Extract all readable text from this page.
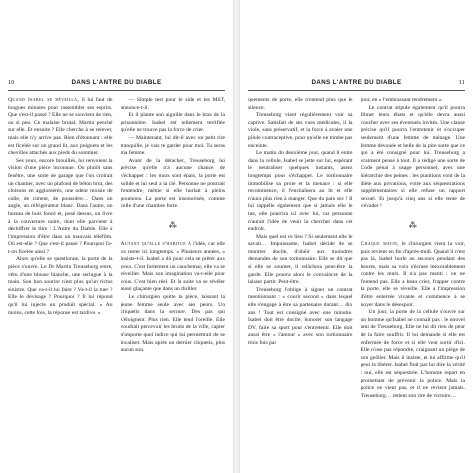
10	DANS L'ANTRE DU DIABLE

Quand Isabel se réveilla, il lui faut de longues minutes pour rassembler ses esprits. Que s'est-il passé ? Elle ne se souvient de rien, ou si peu. Ce malaise brutal, Martin penché sur elle. Et ensuite ? Elle cherche à se relever, mais elle n'y arrive pas. Rien d'étonnant : elle est ficelée sur un grand lit, aux poignets et les chevilles attachés aux pieds du sommier.

Ses yeux, encore brouillés, lui renvoient la vision d'une pièce inconnue. Ou plutôt sans fenêtre, une sorte de garage que l'on croirait un chantier, avec un plafond de béton brut, des cloisons en agglomérés, une odeur moisie de colle, de ciment, de poussière… Dans un angle, un réfrigérateur blanc. Dans l'autre, un bureau de bois foncé et, posé dessus, un livre à la couverture noire, dont elle parvient à déchiffrer le titre : L'Antre du Diable. Elle a l'impression d'être dans un mauvais téléfilm. Où est-elle ? Que s'est-il passé ? Pourquoi l'a-t-on ficelée ainsi ?

Alors qu'elle se questionne, la porte de la pièce s'ouvre. Le Dr Martin Treuseborg entre, vêtu d'une blouse blanche, une seringue à la main. Son bon sourire n'est plus qu'un rictus sinistre. Que va-t-il lui faire ? Va-t-il la tuer ? Elle le dévisage ? Pourquoi ? Il lui répond qu'il lui injecte un produit spécial. « Au moins, cette fois, la réponse est tardive. »

— Simple test pour le side et les MST, annonce-t-il.

Et il plante son aiguille dans le bras de la prisonnière. Isabel est tellement terrifiée qu'elle ne trouve pas la force de crier.

— Maintenant, lui dit-il avec un petit rire tranquille, je vais te garder pour moi. Tu seras ma femme.

Avant de la détacher, Treuseborg lui précise qu'elle n'a aucune chance de s'échapper : les murs sont épais, la porte est solide et lui seul a la clé. Personne ne pourrait l'entendre, même si elle hurlait à pleins poumons. La porte est insonorisée, comme celle d'une chambre forte.

⁂

Autant qu'elle s'habitue à l'idée, car elle va rester ici longtemps. « Plusieurs années, » insiste-t-il. Isabel a dû pour cela se prêter aux yeux. C'est fortement un cauchemar, elle va se réveiller. Mais son imagination va-t-elle pour vous. C'est bien réel. Et la suite va se révéler aussi glaçante que dans un thriller.

Le chirurgien quitte la pièce, laissant la jeune femme seule avec ses peurs. Un cliquetis dans la serrure. Des pas qui s'éloignent. Plus rien. Elle tend l'oreille. Elle voudrait percevoir les bruits de la ville, capter n'importe quel indice qui lui permettrait de se localiser. Mais après un dernier cliquetis, plus aucun son.

DANS L'ANTRE DU DIABLE	11

quements de porte, elle n'entend plus que le silence.

Treuseborg vient régulièrement voir sa captive. Satisfait de ses vues médicales, il la viole, sans préservatif, et la force à avaler une pilule contraceptive, pour qu'elle ne tombe pas enceinte.

Le matin du deuxième jour, quand il entre dans la cellule, Isabel se jette sur lui, espérant le neutraliser quelques instants, assez longtemps pour s'échapper. Le tortionnaire immobilise sa proie et la menace : si elle recommence, il l'enchaînera au lit et elle n'aura plus rien à manger. Que du pain sec ! Il lui rappelle également que si jamais elle le tue, elle pourrira ici avec lui, car personne n'aurait l'idée de venir la chercher dans cet endroit.

Mais quel est ce lieu ? Si seulement elle le savait… Impuissante, Isabel décide de se montrer docile, d'obéir aux moindres demandes de son tortionnaire. Elle se dit que si elle se soumet, il relâchera peut-être la garde. Elle pourra alors le convaincre de la laisser partir. Peut-être.

Treuseborg l'oblige à signer un contrat mentionnant : « courir second » dans lequel elle s'engage à être sa partenaire durant… dix ans ! Tout est consigné avec une minutie. Isabel doit être docile, honorer son langage DV, faire sa sport pour s'entretenir. Elle doit aussi être « l'amour » avec son tortionnaire trois fois par

jour, en « l'embrassant tendrement ».

Le contrat stipule également qu'il pourra filmer leurs ébats et qu'elle devra aussi coucher avec ses éventuels invités. Une clause précise qu'il pourra l'entretenir et s'occuper seulement d'une femme de ménage. Une femme dévouée et belle de la pire sorte que ce qui a été consigné pour lui. Treuseborg a vraiment pensé à tout. Il a rédigé une sorte de Code pénal à usage personnel, avec une hiérarchie des peines : les punitions vont de la diète aux privations, voire aux séquestrations supplémentaires si elle refuse un rapport sexuel. Et jusqu'à cinq ans si elle tente de s'évader !

⁂

Chaque matin, le chirurgien vient la voir, puis revient en fin d'après-midi. Quand il n'est pas là, Isabel hurle au secours pendant des heures, mais sa voix s'écrase inexorablement contre les murs. Il n'a pas menti : on ne l'entend pas. Elle a beau crier, frapper contre la porte, elle se réveille. Elle a l'impression d'être enterrée vivante et commence à se noyer dans le désespoir.

Un jour, la porte de la cellule s'ouvre sur un homme qu'Isabel ne connaît pas : le nouvel ami de Treuseborg. Elle ne lui dit rien de peur de la faire souffrir. Il lui demande si elle est enfermée de force et si elle veut sortir d'ici. Elle n'ose pas répondre, craignant un piège de son geôlier. Mais il insiste, et lui affirme qu'il peut la libérer. Isabel finit par lui dire la vérité : oui, elle est séquestrée. L'homme repart en promettant de prévenir la police. Mais la police ne vient pas, et il ne revient jamais. Treuseborg… retient son rire de victoire…
